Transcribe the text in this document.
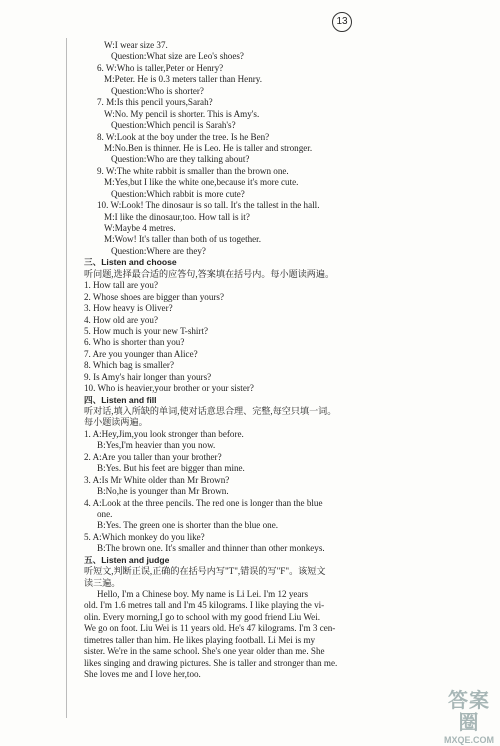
13
W:I wear size 37.
Question:What size are Leo's shoes?
6. W:Who is taller,Peter or Henry?
M:Peter. He is 0.3 meters taller than Henry.
Question:Who is shorter?
7. M:Is this pencil yours,Sarah?
W:No. My pencil is shorter. This is Amy's.
Question:Which pencil is Sarah's?
8. W:Look at the boy under the tree. Is he Ben?
M:No.Ben is thinner. He is Leo. He is taller and stronger.
Question:Who are they talking about?
9. W:The white rabbit is smaller than the brown one.
M:Yes,but I like the white one,because it's more cute.
Question:Which rabbit is more cute?
10. W:Look! The dinosaur is so tall. It's the tallest in the hall.
M:I like the dinosaur,too. How tall is it?
W:Maybe 4 metres.
M:Wow! It's taller than both of us together.
Question:Where are they?
三、Listen and choose
听问题,选择最合适的应答句,答案填在括号内。每小题读两遍。
1. How tall are you?
2. Whose shoes are bigger than yours?
3. How heavy is Oliver?
4. How old are you?
5. How much is your new T-shirt?
6. Who is shorter than you?
7. Are you younger than Alice?
8. Which bag is smaller?
9. Is Amy's hair longer than yours?
10. Who is heavier,your brother or your sister?
四、Listen and fill
听对话,填入所缺的单词,使对话意思合理、完整,每空只填一词。
每小题读两遍。
1. A:Hey,Jim,you look stronger than before.
B:Yes,I'm heavier than you now.
2. A:Are you taller than your brother?
B:Yes. But his feet are bigger than mine.
3. A:Is Mr White older than Mr Brown?
B:No,he is younger than Mr Brown.
4. A:Look at the three pencils. The red one is longer than the blue
one.
B:Yes. The green one is shorter than the blue one.
5. A:Which monkey do you like?
B:The brown one. It's smaller and thinner than other monkeys.
五、Listen and judge
听短文,判断正误,正确的在括号内写"T",错误的写"F"。该短文
读三遍。
Hello, I'm a Chinese boy. My name is Li Lei. I'm 12 years
old. I'm 1.6 metres tall and I'm 45 kilograms. I like playing the vi-
olin. Every morning,I go to school with my good friend Liu Wei.
We go on foot. Liu Wei is 11 years old. He's 47 kilograms. I'm 3 cen-
timetres taller than him. He likes playing football. Li Mei is my
sister. We're in the same school. She's one year older than me. She
likes singing and drawing pictures. She is taller and stronger than me.
She loves me and I love her,too.
答案圈
MXQE.COM
